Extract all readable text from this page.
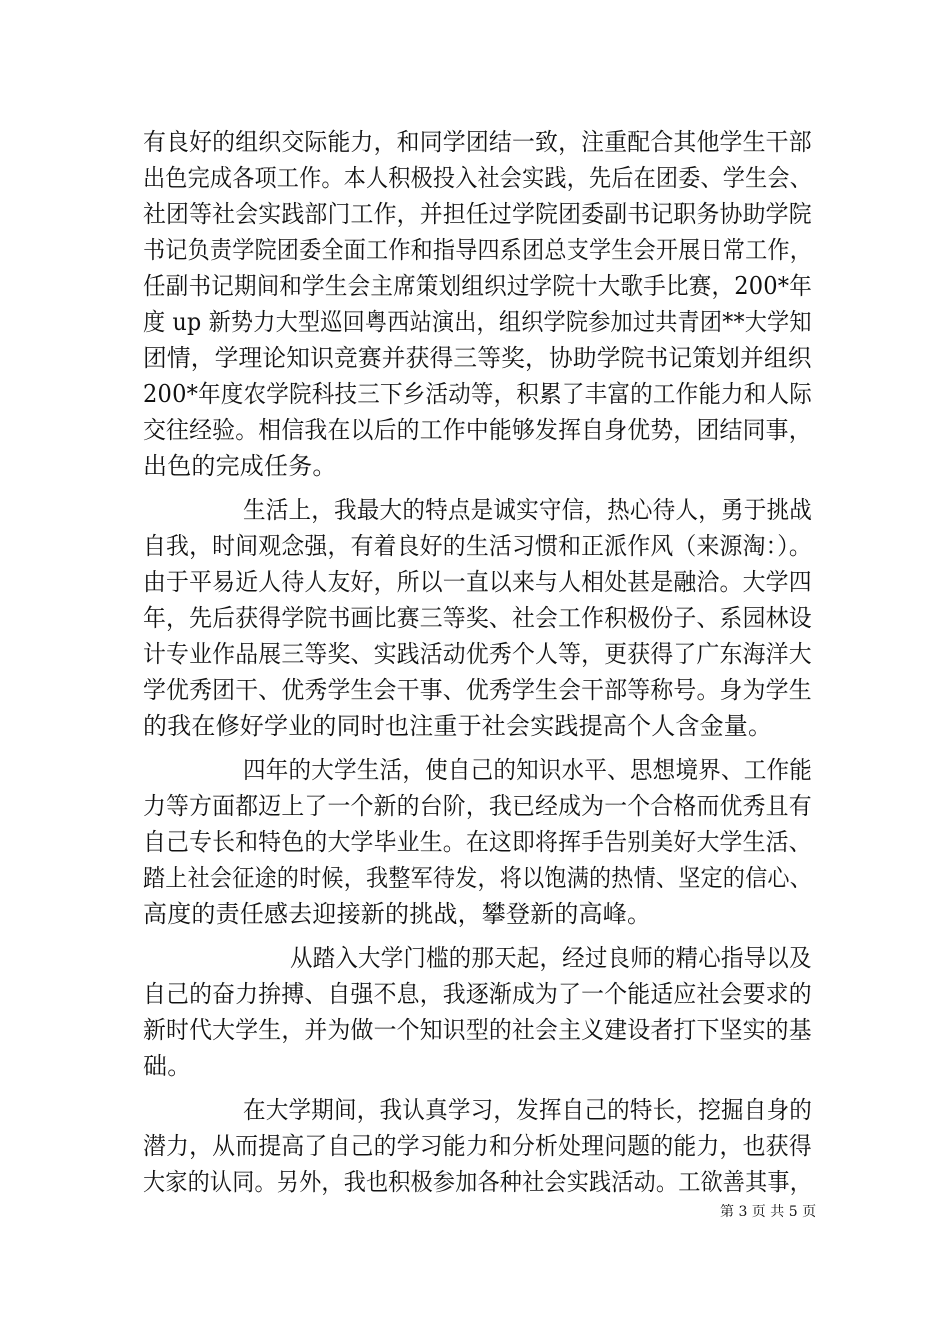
有良好的组织交际能力，和同学团结一致，注重配合其他学生干部
出色完成各项工作。本人积极投入社会实践，先后在团委、学生会、
社团等社会实践部门工作，并担任过学院团委副书记职务协助学院
书记负责学院团委全面工作和指导四系团总支学生会开展日常工作，
任副书记期间和学生会主席策划组织过学院十大歌手比赛，200*年
度 up 新势力大型巡回粤西站演出，组织学院参加过共青团**大学知
团情，学理论知识竞赛并获得三等奖，协助学院书记策划并组织
200*年度农学院科技三下乡活动等，积累了丰富的工作能力和人际
交往经验。相信我在以后的工作中能够发挥自身优势，团结同事，
出色的完成任务。
生活上，我最大的特点是诚实守信，热心待人，勇于挑战
自我，时间观念强，有着良好的生活习惯和正派作风（来源淘：）。
由于平易近人待人友好，所以一直以来与人相处甚是融洽。大学四
年，先后获得学院书画比赛三等奖、社会工作积极份子、系园林设
计专业作品展三等奖、实践活动优秀个人等，更获得了广东海洋大
学优秀团干、优秀学生会干事、优秀学生会干部等称号。身为学生
的我在修好学业的同时也注重于社会实践提高个人含金量。
四年的大学生活，使自己的知识水平、思想境界、工作能
力等方面都迈上了一个新的台阶，我已经成为一个合格而优秀且有
自己专长和特色的大学毕业生。在这即将挥手告别美好大学生活、
踏上社会征途的时候，我整军待发，将以饱满的热情、坚定的信心、
高度的责任感去迎接新的挑战，攀登新的高峰。
从踏入大学门槛的那天起，经过良师的精心指导以及
自己的奋力拚搏、自强不息，我逐渐成为了一个能适应社会要求的
新时代大学生，并为做一个知识型的社会主义建设者打下坚实的基
础。
在大学期间，我认真学习，发挥自己的特长，挖掘自身的
潜力，从而提高了自己的学习能力和分析处理问题的能力，也获得
大家的认同。另外，我也积极参加各种社会实践活动。工欲善其事，
第 3 页 共 5 页
